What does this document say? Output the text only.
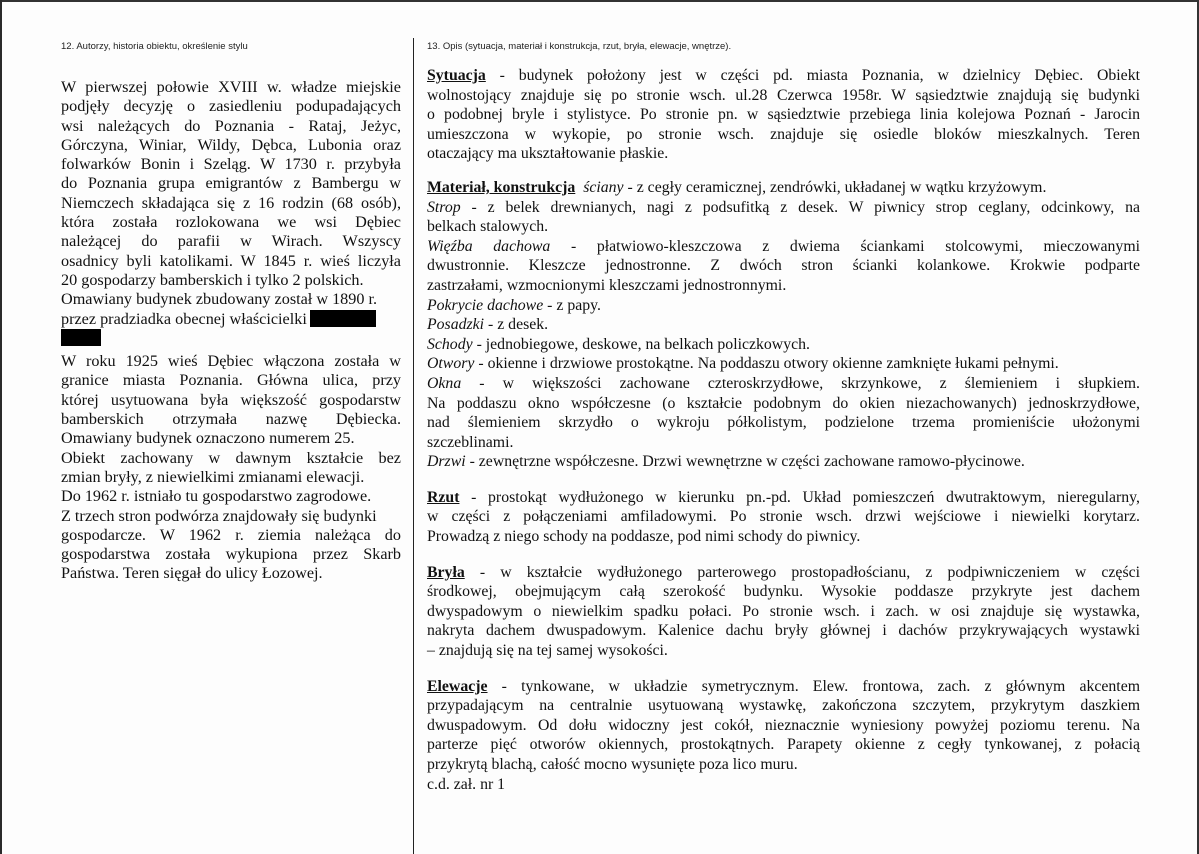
12. Autorzy, historia obiektu, określenie stylu	13. Opis (sytuacja, materiał i konstrukcja, rzut, bryła, elewacje, wnętrze).
W pierwszej połowie XVIII w. władze miejskie
podjęły decyzję o zasiedleniu podupadających
wsi należących do Poznania - Rataj, Jeżyc,
Górczyna, Winiar, Wildy, Dębca, Lubonia oraz
folwarków Bonin i Szeląg. W 1730 r. przybyła
do Poznania grupa emigrantów z Bambergu w
Niemczech składająca się z 16 rodzin (68 osób),
która została rozlokowana we wsi Dębiec
należącej do parafii w Wirach. Wszyscy
osadnicy byli katolikami. W 1845 r. wieś liczyła
20 gospodarzy bamberskich i tylko 2 polskich.
Omawiany budynek zbudowany został w 1890 r.
przez pradziadka obecnej właścicielki
W roku 1925 wieś Dębiec włączona została w
granice miasta Poznania. Główna ulica, przy
której usytuowana była większość gospodarstw
bamberskich otrzymała nazwę Dębiecka.
Omawiany budynek oznaczono numerem 25.
Obiekt zachowany w dawnym kształcie bez
zmian bryły, z niewielkimi zmianami elewacji.
Do 1962 r. istniało tu gospodarstwo zagrodowe.
Z trzech stron podwórza znajdowały się budynki
gospodarcze. W 1962 r. ziemia należąca do
gospodarstwa została wykupiona przez Skarb
Państwa. Teren sięgał do ulicy Łozowej.
Sytuacja - budynek położony jest w części pd. miasta Poznania, w dzielnicy Dębiec. Obiekt
wolnostojący znajduje się po stronie wsch. ul.28 Czerwca 1958r. W sąsiedztwie znajdują się budynki
o podobnej bryle i stylistyce. Po stronie pn. w sąsiedztwie przebiega linia kolejowa Poznań - Jarocin
umieszczona w wykopie, po stronie wsch. znajduje się osiedle bloków mieszkalnych. Teren
otaczający ma ukształtowanie płaskie.
Materiał, konstrukcja ściany - z cegły ceramicznej, zendrówki, układanej w wątku krzyżowym.
Strop - z belek drewnianych, nagi z podsufitką z desek. W piwnicy strop ceglany, odcinkowy, na
belkach stalowych.
Więźba dachowa - płatwiowo-kleszczowa z dwiema ściankami stolcowymi, mieczowanymi
dwustronnie. Kleszcze jednostronne. Z dwóch stron ścianki kolankowe. Krokwie podparte
zastrzałami, wzmocnionymi kleszczami jednostronnymi.
Pokrycie dachowe - z papy.
Posadzki - z desek.
Schody - jednobiegowe, deskowe, na belkach policzkowych.
Otwory - okienne i drzwiowe prostokątne. Na poddaszu otwory okienne zamknięte łukami pełnymi.
Okna - w większości zachowane czteroskrzydłowe, skrzynkowe, z ślemieniem i słupkiem.
Na poddaszu okno współczesne (o kształcie podobnym do okien niezachowanych) jednoskrzydłowe,
nad ślemieniem skrzydło o wykroju półkolistym, podzielone trzema promieniście ułożonymi
szczeblinami.
Drzwi - zewnętrzne współczesne. Drzwi wewnętrzne w części zachowane ramowo-płycinowe.
Rzut - prostokąt wydłużonego w kierunku pn.-pd. Układ pomieszczeń dwutraktowym, nieregularny,
w części z połączeniami amfiladowymi. Po stronie wsch. drzwi wejściowe i niewielki korytarz.
Prowadzą z niego schody na poddasze, pod nimi schody do piwnicy.
Bryła - w kształcie wydłużonego parterowego prostopadłościanu, z podpiwniczeniem w części
środkowej, obejmującym całą szerokość budynku. Wysokie poddasze przykryte jest dachem
dwyspadowym o niewielkim spadku połaci. Po stronie wsch. i zach. w osi znajduje się wystawka,
nakryta dachem dwuspadowym. Kalenice dachu bryły głównej i dachów przykrywających wystawki
– znajdują się na tej samej wysokości.
Elewacje - tynkowane, w układzie symetrycznym. Elew. frontowa, zach. z głównym akcentem
przypadającym na centralnie usytuowaną wystawkę, zakończona szczytem, przykrytym daszkiem
dwuspadowym. Od dołu widoczny jest cokół, nieznacznie wyniesiony powyżej poziomu terenu. Na
parterze pięć otworów okiennych, prostokątnych. Parapety okienne z cegły tynkowanej, z połacią
przykrytą blachą, całość mocno wysunięte poza lico muru.
c.d. zał. nr 1
